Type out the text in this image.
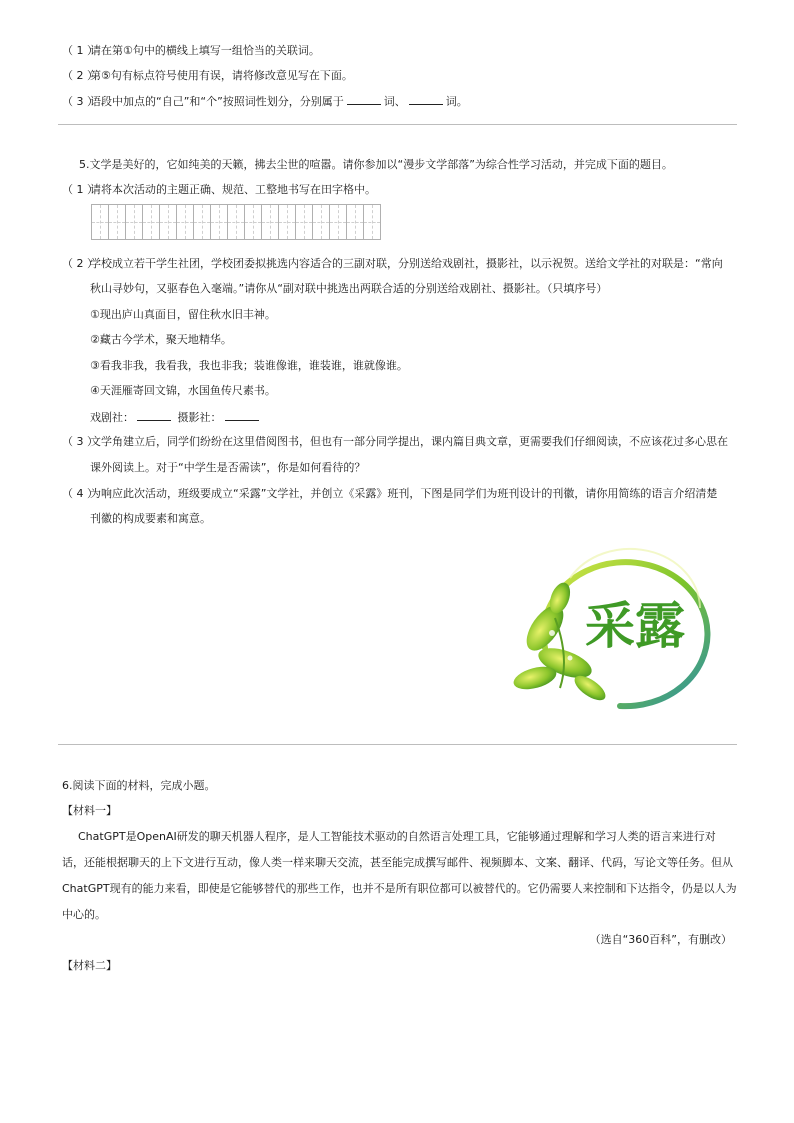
（ 1 ）请在第①句中的横线上填写一组恰当的关联词。
（ 2 ）第⑤句有标点符号使用有误，请将修改意见写在下面。
（ 3 ）语段中加点的“自己”和“个”按照词性划分，分别属于	词、	词。
5.文学是美好的，它如纯美的天籁，拂去尘世的喧嚣。请你参加以“漫步文学部落”为综合性学习活动，并完成下面的题目。
（ 1 ）请将本次活动的主题正确、规范、工整地书写在田字格中。
（ 2 ）学校成立若干学生社团，学校团委拟挑选内容适合的三副对联，分别送给戏剧社，摄影社，以示祝贺。送给文学社的对联是：“常向
秋山寻妙句，又驱春色入毫端。”请你从“副对联中挑选出两联合适的分别送给戏剧社、摄影社。（只填序号）
①现出庐山真面目，留住秋水旧丰神。
②藏古今学术，聚天地精华。
③看我非我，我看我，我也非我；装谁像谁，谁装谁，谁就像谁。
④天涯雁寄回文锦，水国鱼传尺素书。
戏剧社：	摄影社：
（ 3 ）文学角建立后，同学们纷纷在这里借阅图书，但也有一部分同学提出，课内篇目典文章，更需要我们仔细阅读，不应该花过多心思在
课外阅读上。对于“中学生是否需读”，你是如何看待的？
（ 4 ）为响应此次活动，班级要成立“采露”文学社，并创立《采露》班刊，下图是同学们为班刊设计的刊徽，请你用简练的语言介绍清楚
刊徽的构成要素和寓意。
采露
6.阅读下面的材料，完成小题。
【材料一】
ChatGPT是OpenAI研发的聊天机器人程序，是人工智能技术驱动的自然语言处理工具，它能够通过理解和学习人类的语言来进行对
话，还能根据聊天的上下文进行互动，像人类一样来聊天交流，甚至能完成撰写邮件、视频脚本、文案、翻译、代码，写论文等任务。但从
ChatGPT现有的能力来看，即使是它能够替代的那些工作，也并不是所有职位都可以被替代的。它仍需要人来控制和下达指令，仍是以人为
中心的。
（选自“360百科”，有删改）
【材料二】
